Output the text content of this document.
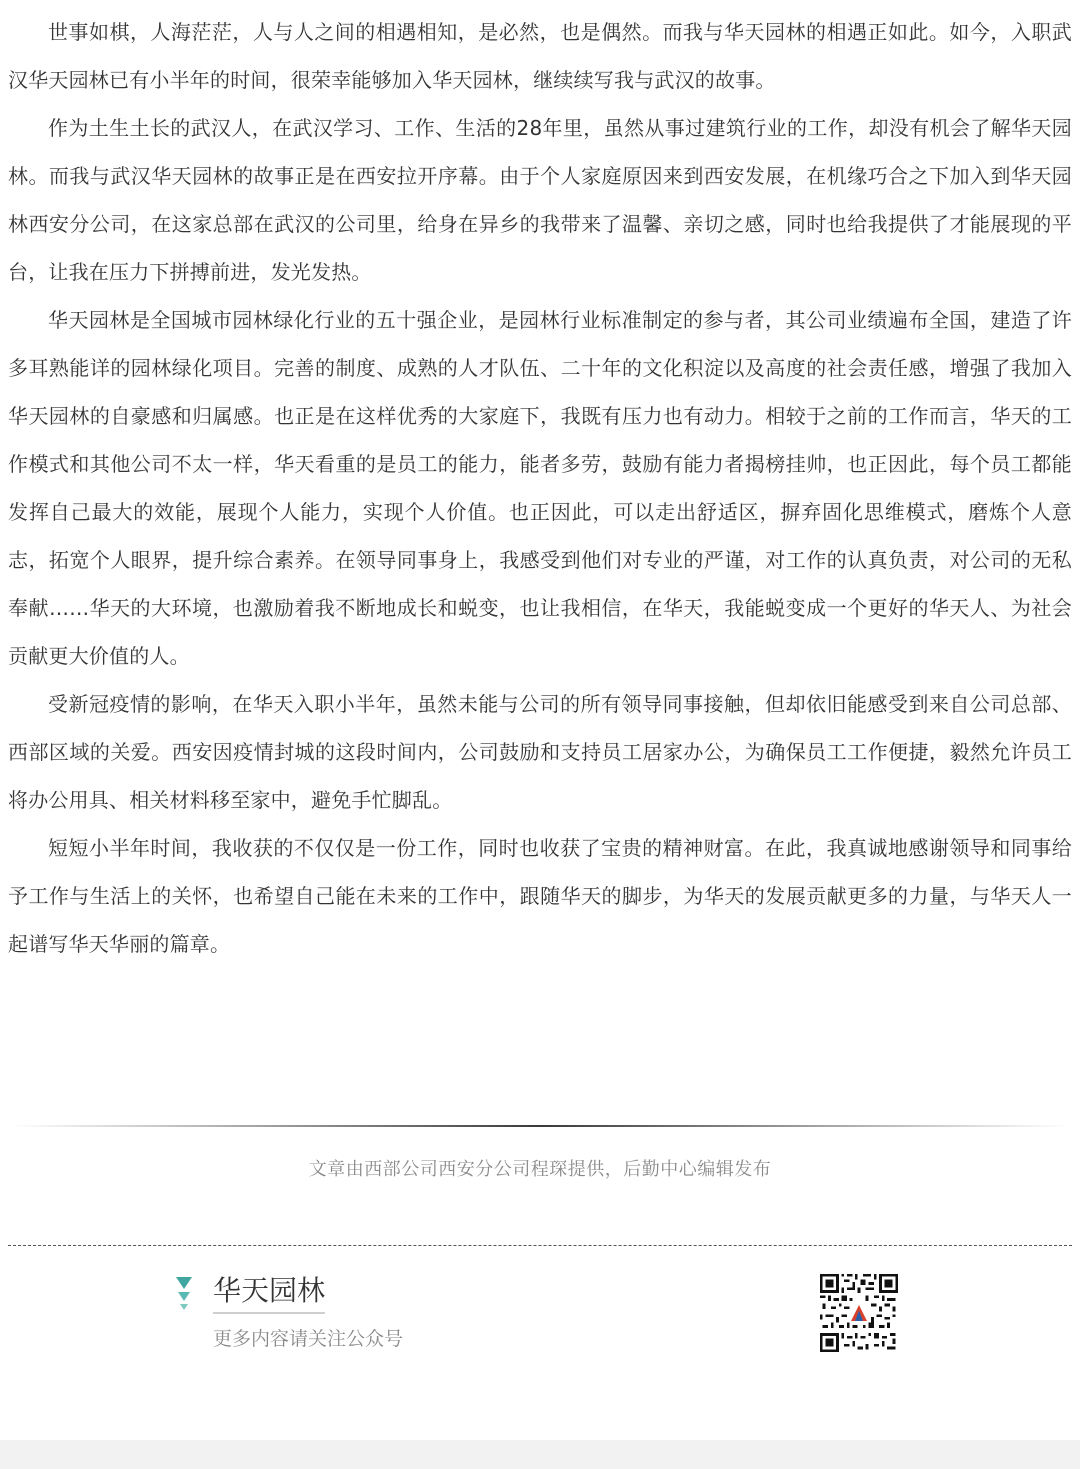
世事如棋，人海茫茫，人与人之间的相遇相知，是必然，也是偶然。而我与华天园林的相遇正如此。如今，入职武汉华天园林已有小半年的时间，很荣幸能够加入华天园林，继续续写我与武汉的故事。

作为土生土长的武汉人，在武汉学习、工作、生活的28年里，虽然从事过建筑行业的工作，却没有机会了解华天园林。而我与武汉华天园林的故事正是在西安拉开序幕。由于个人家庭原因来到西安发展，在机缘巧合之下加入到华天园林西安分公司，在这家总部在武汉的公司里，给身在异乡的我带来了温馨、亲切之感，同时也给我提供了才能展现的平台，让我在压力下拼搏前进，发光发热。

华天园林是全国城市园林绿化行业的五十强企业，是园林行业标准制定的参与者，其公司业绩遍布全国，建造了许多耳熟能详的园林绿化项目。完善的制度、成熟的人才队伍、二十年的文化积淀以及高度的社会责任感，增强了我加入华天园林的自豪感和归属感。也正是在这样优秀的大家庭下，我既有压力也有动力。相较于之前的工作而言，华天的工作模式和其他公司不太一样，华天看重的是员工的能力，能者多劳，鼓励有能力者揭榜挂帅，也正因此，每个员工都能发挥自己最大的效能，展现个人能力，实现个人价值。也正因此，可以走出舒适区，摒弃固化思维模式，磨炼个人意志，拓宽个人眼界，提升综合素养。在领导同事身上，我感受到他们对专业的严谨，对工作的认真负责，对公司的无私奉献……华天的大环境，也激励着我不断地成长和蜕变，也让我相信，在华天，我能蜕变成一个更好的华天人、为社会贡献更大价值的人。

受新冠疫情的影响，在华天入职小半年，虽然未能与公司的所有领导同事接触，但却依旧能感受到来自公司总部、西部区域的关爱。西安因疫情封城的这段时间内，公司鼓励和支持员工居家办公，为确保员工工作便捷，毅然允许员工将办公用具、相关材料移至家中，避免手忙脚乱。

短短小半年时间，我收获的不仅仅是一份工作，同时也收获了宝贵的精神财富。在此，我真诚地感谢领导和同事给予工作与生活上的关怀，也希望自己能在未来的工作中，跟随华天的脚步，为华天的发展贡献更多的力量，与华天人一起谱写华天华丽的篇章。

文章由西部公司西安分公司程琛提供，后勤中心编辑发布
华天园林
更多内容请关注公众号
